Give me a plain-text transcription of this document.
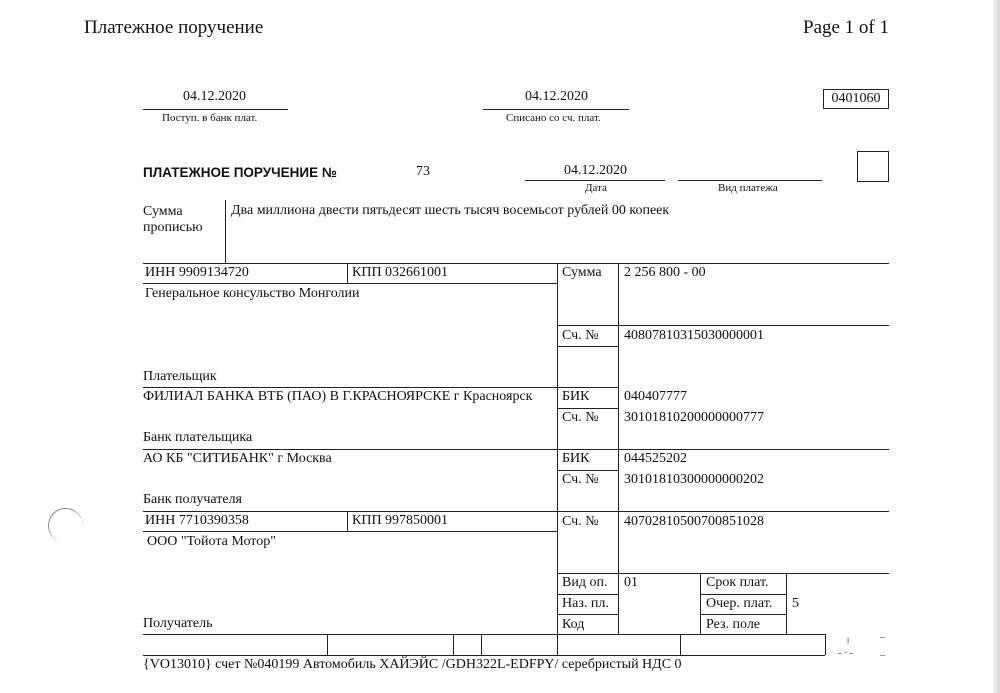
Платежное поручение	Page 1 of 1
04.12.2020
Поступ. в банк плат.
04.12.2020
Списано со сч. плат.
0401060
ПЛАТЕЖНОЕ ПОРУЧЕНИЕ №	73	04.12.2020
Дата	Вид платежа
Сумма
прописью
Два миллиона двести пятьдесят шесть тысяч восемьсот рублей 00 копеек
ИНН 9909134720	КПП 032661001
Генеральное консульство Монголии
Плательщик
Сумма 2 256 800 - 00
Сч. № 40807810315030000001
ФИЛИАЛ БАНКА ВТБ (ПАО) В Г.КРАСНОЯРСКЕ г Красноярск
Банк плательщика
БИК 040407777
Сч. № 30101810200000000777
АО КБ "СИТИБАНК" г Москва
Банк получателя
БИК 044525202
Сч. № 30101810300000000202
ИНН 7710390358	КПП 997850001
ООО "Тойота Мотор"
Получатель
Сч. № 40702810500700851028
Вид оп. 01
Наз. пл.
Код
Срок плат.
Очер. плат. 5
Рез. поле
{VO13010} счет №040199 Автомобиль ХАЙЭЙС /GDH322L-EDFPY/ серебристый НДС 0
╷	–
- · -	–
